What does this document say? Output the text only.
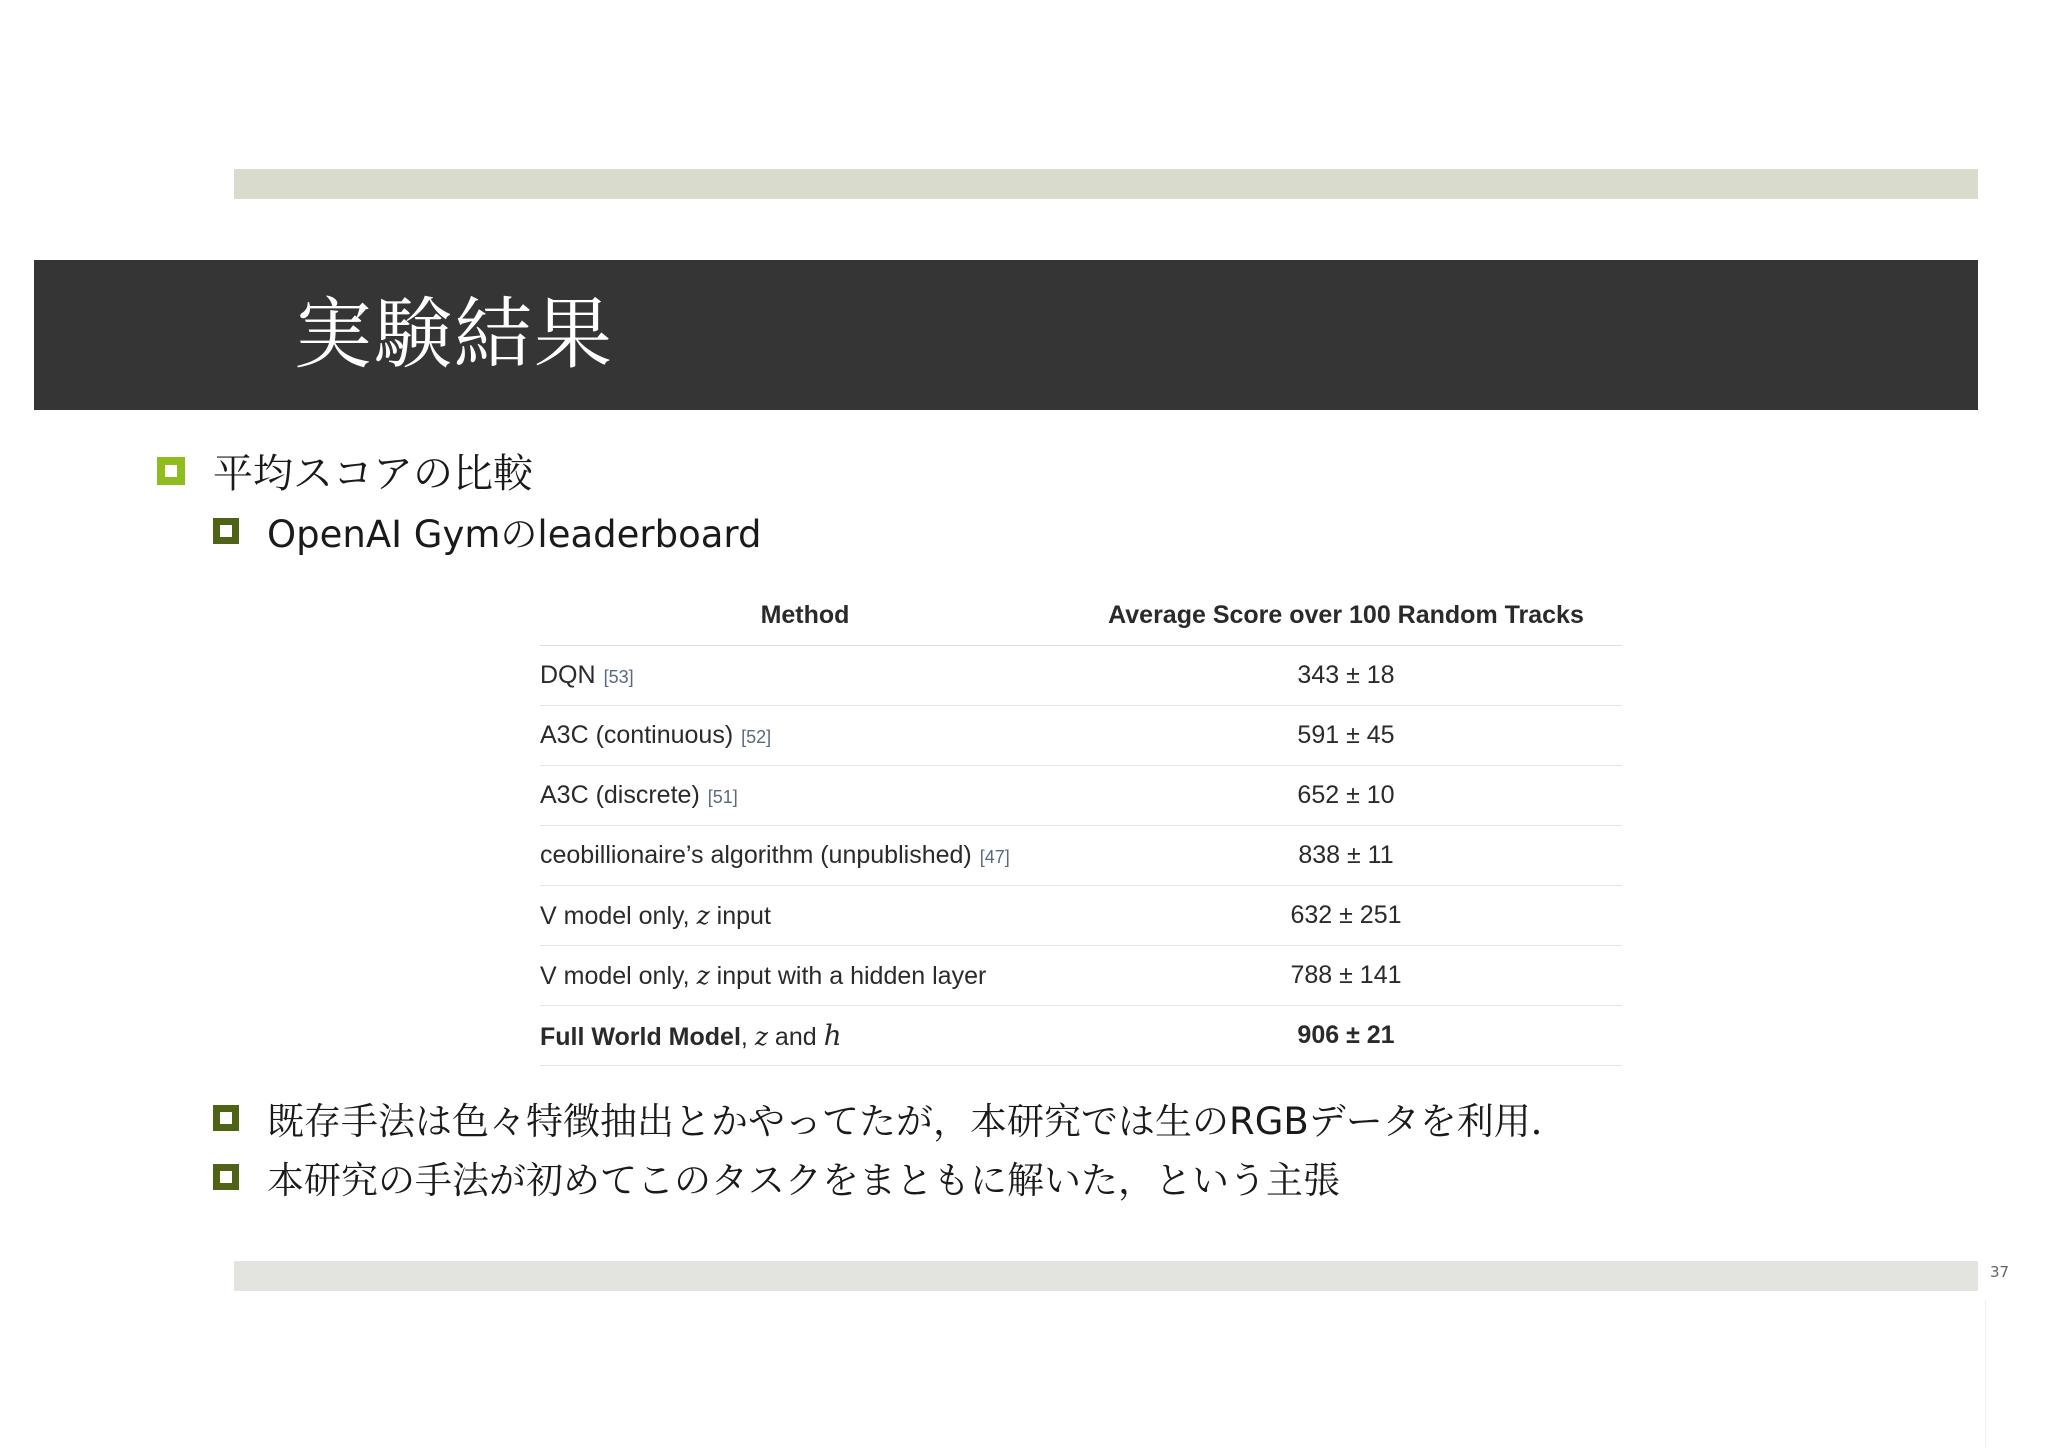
実験結果
平均スコアの比較
OpenAI Gymのleaderboard
Method	Average Score over 100 Random Tracks
DQN [53]	343 ± 18
A3C (continuous) [52]	591 ± 45
A3C (discrete) [51]	652 ± 10
ceobillionaire’s algorithm (unpublished) [47]	838 ± 11
V model only, z input	632 ± 251
V model only, z input with a hidden layer	788 ± 141
Full World Model, z and h	906 ± 21
既存手法は色々特徴抽出とかやってたが，本研究では生のRGBデータを利用．
本研究の手法が初めてこのタスクをまともに解いた，という主張
37
